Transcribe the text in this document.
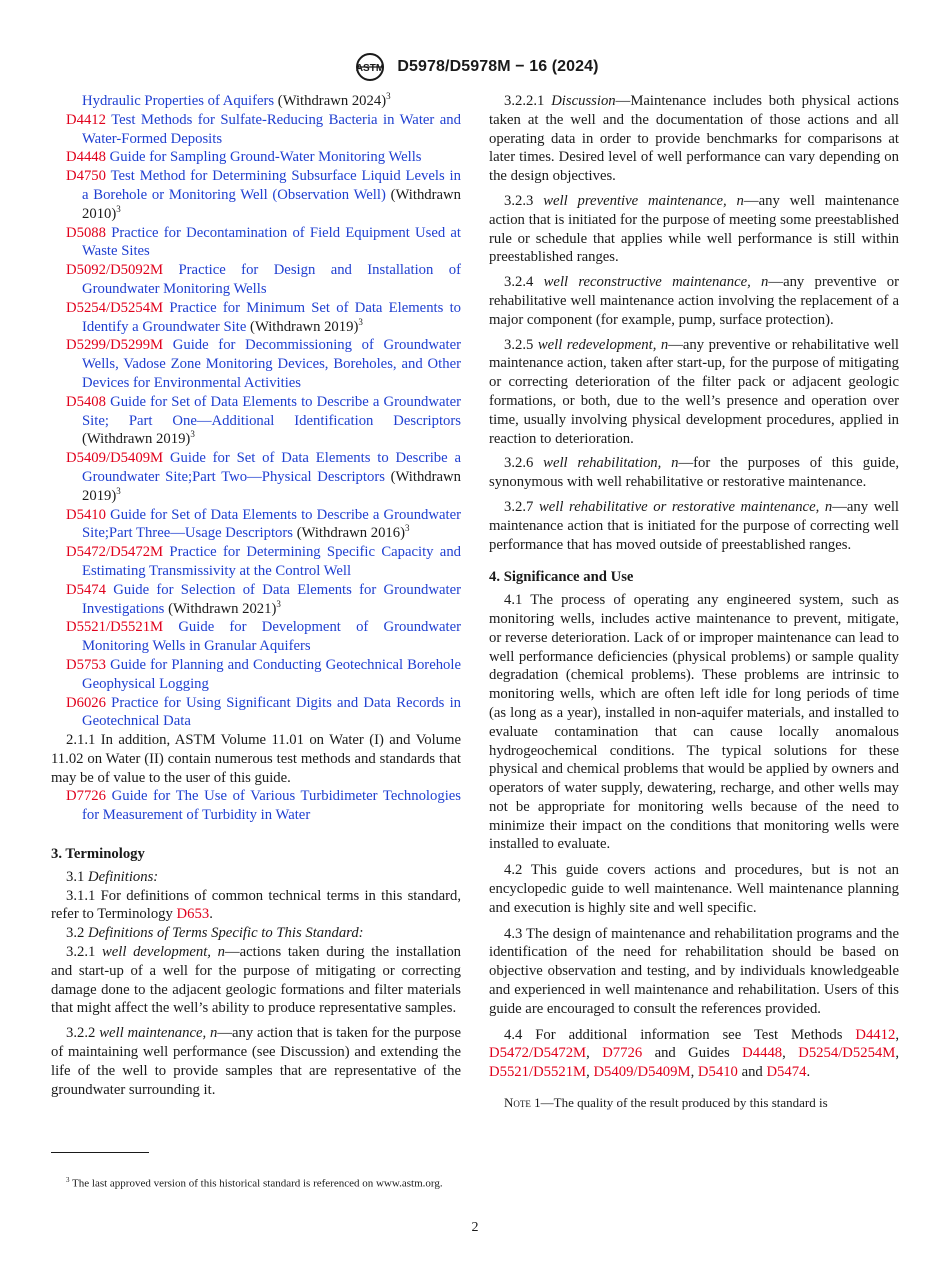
ASTM D5978/D5978M − 16 (2024)

Hydraulic Properties of Aquifers (Withdrawn 2024)$^3$

D4412 Test Methods for Sulfate-Reducing Bacteria in Water and Water-Formed Deposits

D4448 Guide for Sampling Ground-Water Monitoring Wells

D4750 Test Method for Determining Subsurface Liquid Levels in a Borehole or Monitoring Well (Observation Well) (Withdrawn 2010)$^3$

D5088 Practice for Decontamination of Field Equipment Used at Waste Sites

D5092/D5092M Practice for Design and Installation of Groundwater Monitoring Wells

D5254/D5254M Practice for Minimum Set of Data Elements to Identify a Groundwater Site (Withdrawn 2019)$^3$

D5299/D5299M Guide for Decommissioning of Groundwater Wells, Vadose Zone Monitoring Devices, Boreholes, and Other Devices for Environmental Activities

D5408 Guide for Set of Data Elements to Describe a Groundwater Site; Part One—Additional Identification Descriptors (Withdrawn 2019)$^3$

D5409/D5409M Guide for Set of Data Elements to Describe a Groundwater Site;Part Two—Physical Descriptors (Withdrawn 2019)$^3$

D5410 Guide for Set of Data Elements to Describe a Groundwater Site;Part Three—Usage Descriptors (Withdrawn 2016)$^3$

D5472/D5472M Practice for Determining Specific Capacity and Estimating Transmissivity at the Control Well

D5474 Guide for Selection of Data Elements for Groundwater Investigations (Withdrawn 2021)$^3$

D5521/D5521M Guide for Development of Groundwater Monitoring Wells in Granular Aquifers

D5753 Guide for Planning and Conducting Geotechnical Borehole Geophysical Logging

D6026 Practice for Using Significant Digits and Data Records in Geotechnical Data

2.1.1 In addition, ASTM Volume 11.01 on Water (I) and Volume 11.02 on Water (II) contain numerous test methods and standards that may be of value to the user of this guide.

D7726 Guide for The Use of Various Turbidimeter Technologies for Measurement of Turbidity in Water

3. Terminology

3.1 Definitions:

3.1.1 For definitions of common technical terms in this standard, refer to Terminology D653.

3.2 Definitions of Terms Specific to This Standard:

3.2.1 well development, n—actions taken during the installation and start-up of a well for the purpose of mitigating or correcting damage done to the adjacent geologic formations and filter materials that might affect the well’s ability to produce representative samples.

3.2.2 well maintenance, n—any action that is taken for the purpose of maintaining well performance (see Discussion) and extending the life of the well to provide samples that are representative of the groundwater surrounding it.

$^3$ The last approved version of this historical standard is referenced on www.astm.org.

3.2.2.1 Discussion—Maintenance includes both physical actions taken at the well and the documentation of those actions and all operating data in order to provide benchmarks for comparisons at later times. Desired level of well performance can vary depending on the design objectives.

3.2.3 well preventive maintenance, n—any well maintenance action that is initiated for the purpose of meeting some preestablished rule or schedule that applies while well performance is still within preestablished ranges.

3.2.4 well reconstructive maintenance, n—any preventive or rehabilitative well maintenance action involving the replacement of a major component (for example, pump, surface protection).

3.2.5 well redevelopment, n—any preventive or rehabilitative well maintenance action, taken after start-up, for the purpose of mitigating or correcting deterioration of the filter pack or adjacent geologic formations, or both, due to the well’s presence and operation over time, usually involving physical development procedures, applied in reaction to deterioration.

3.2.6 well rehabilitation, n—for the purposes of this guide, synonymous with well rehabilitative or restorative maintenance.

3.2.7 well rehabilitative or restorative maintenance, n—any well maintenance action that is initiated for the purpose of correcting well performance that has moved outside of preestablished ranges.

4. Significance and Use

4.1 The process of operating any engineered system, such as monitoring wells, includes active maintenance to prevent, mitigate, or reverse deterioration. Lack of or improper maintenance can lead to well performance deficiencies (physical problems) or sample quality degradation (chemical problems). These problems are intrinsic to monitoring wells, which are often left idle for long periods of time (as long as a year), installed in non-aquifer materials, and installed to evaluate contamination that can cause locally anomalous hydrogeochemical conditions. The typical solutions for these physical and chemical problems that would be applied by owners and operators of water supply, dewatering, recharge, and other wells may not be appropriate for monitoring wells because of the need to minimize their impact on the conditions that monitoring wells were installed to evaluate.

4.2 This guide covers actions and procedures, but is not an encyclopedic guide to well maintenance. Well maintenance planning and execution is highly site and well specific.

4.3 The design of maintenance and rehabilitation programs and the identification of the need for rehabilitation should be based on objective observation and testing, and by individuals knowledgeable and experienced in well maintenance and rehabilitation. Users of this guide are encouraged to consult the references provided.

4.4 For additional information see Test Methods D4412, D5472/D5472M, D7726 and Guides D4448, D5254/D5254M, D5521/D5521M, D5409/D5409M, D5410 and D5474.

Note 1—The quality of the result produced by this standard is

2
